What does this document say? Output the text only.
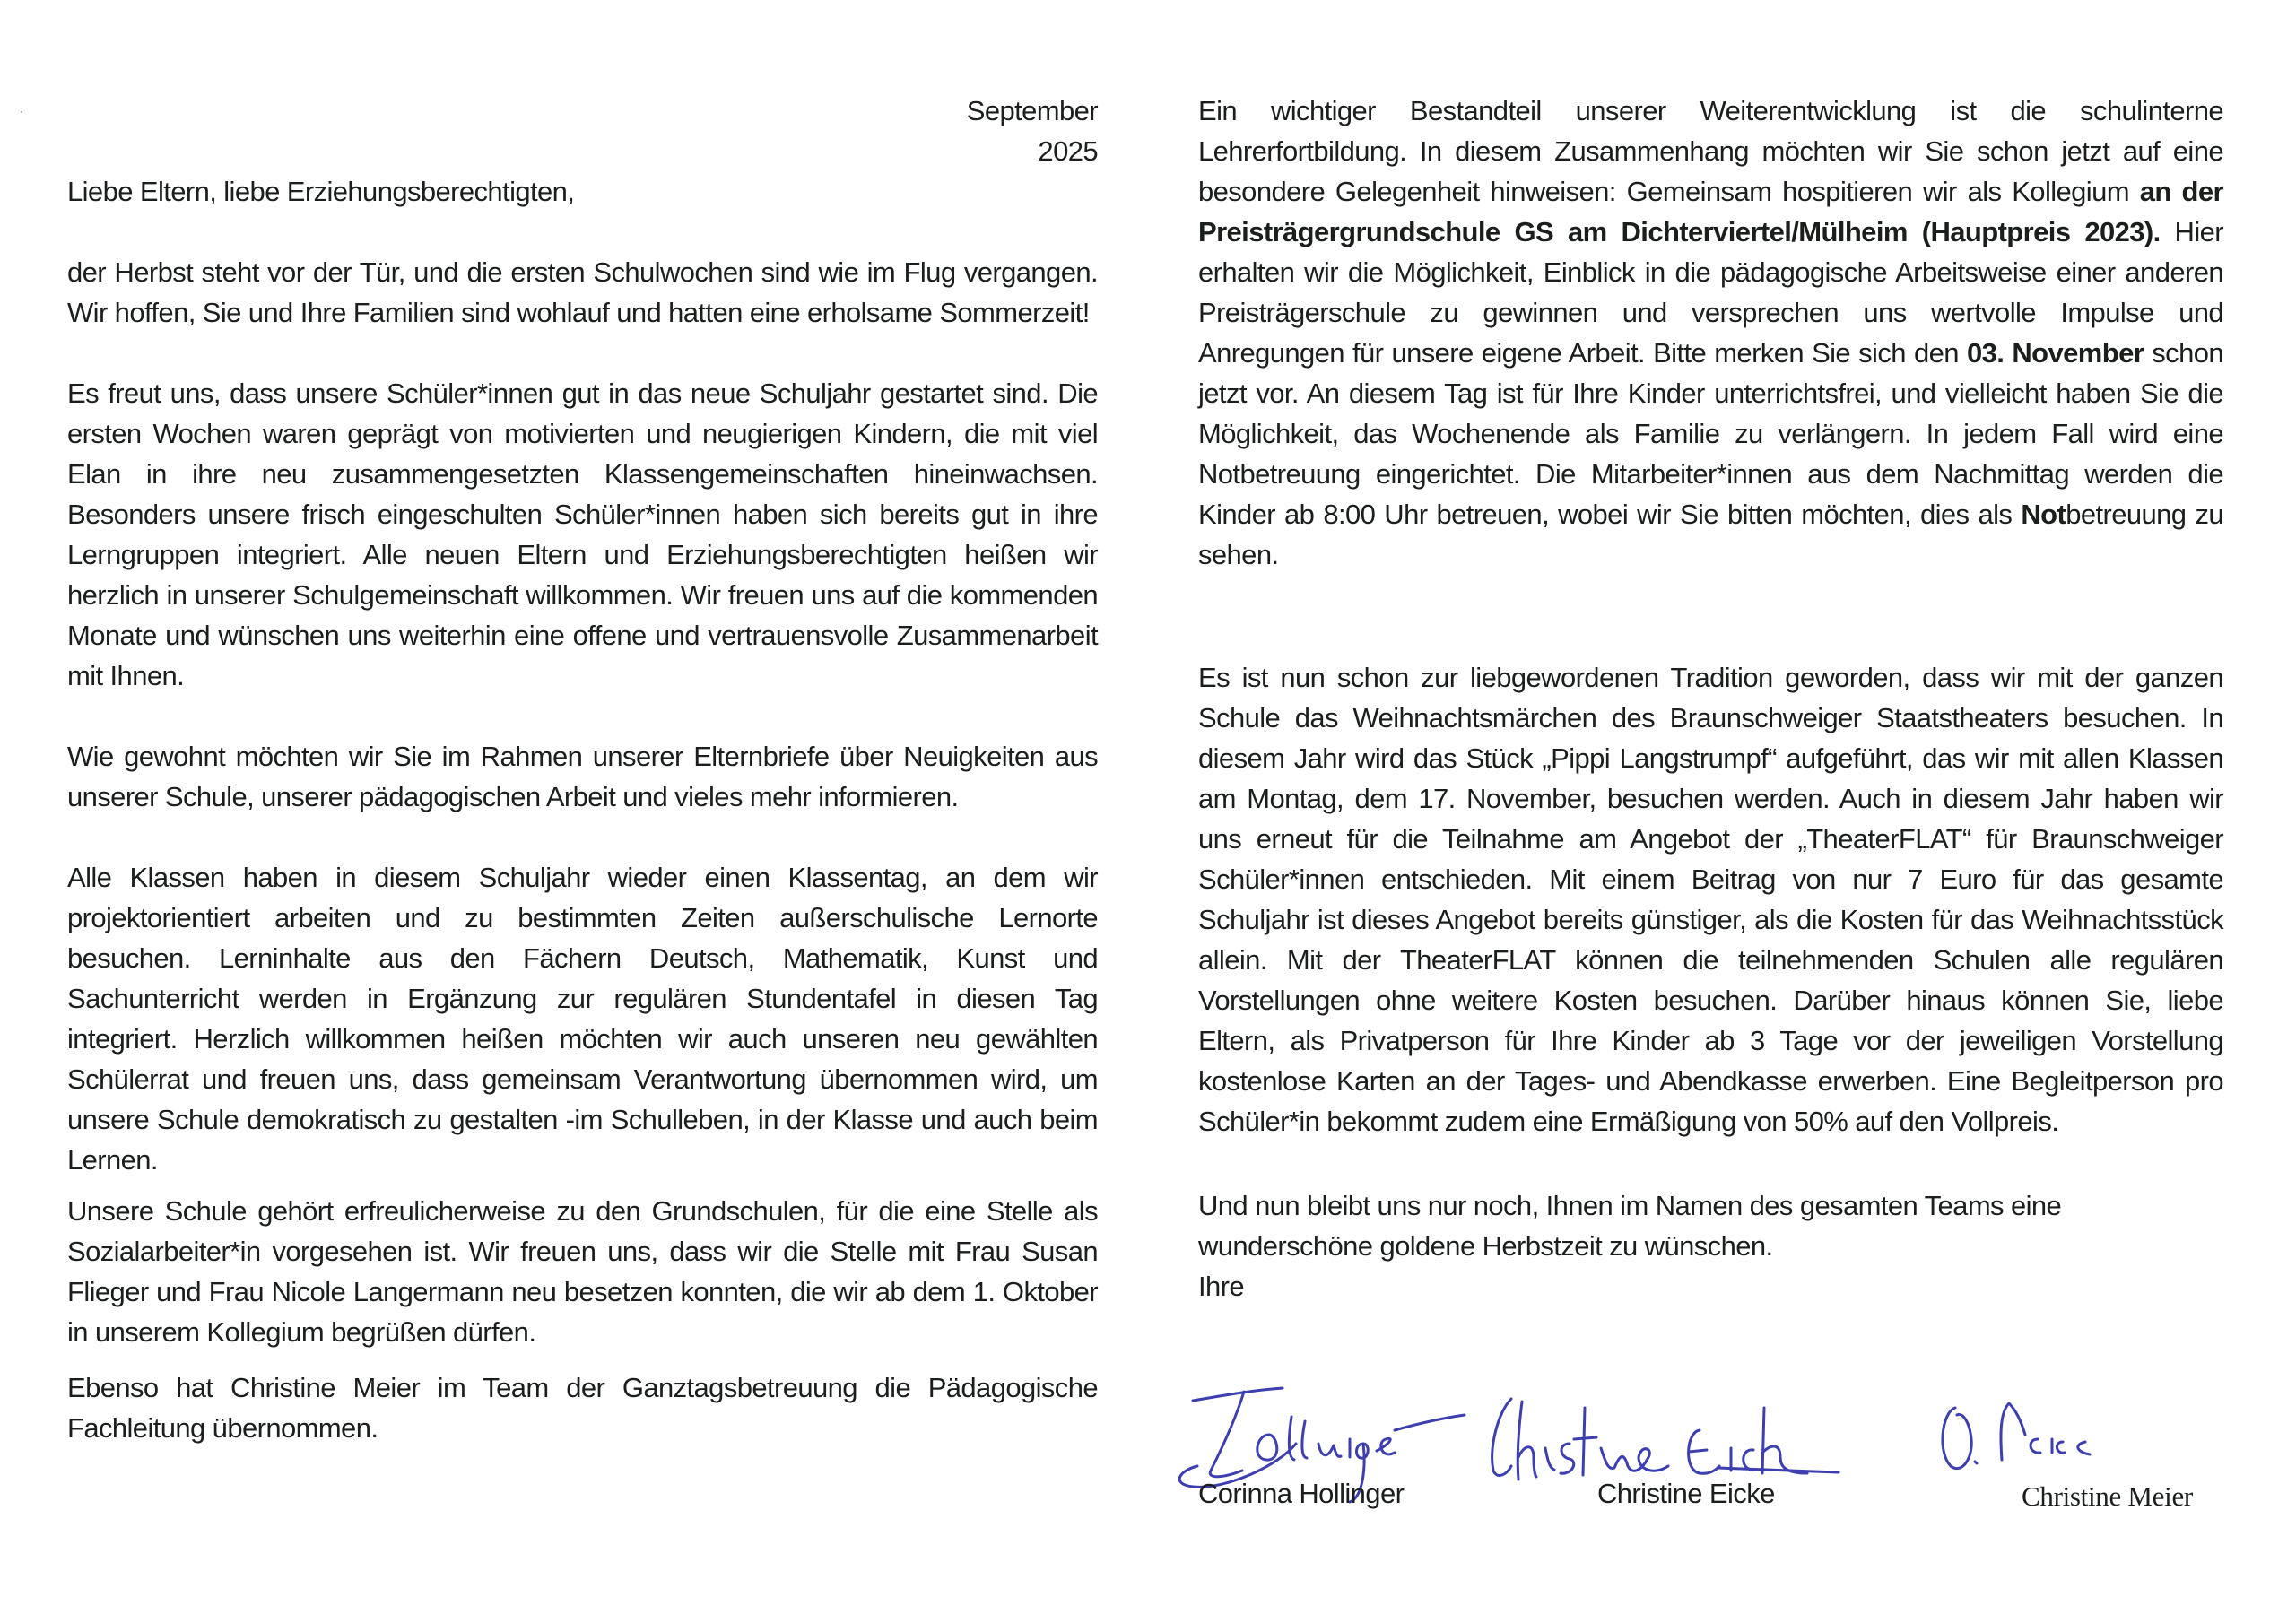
September
2025
Liebe Eltern, liebe Erziehungsberechtigten,

der Herbst steht vor der Tür, und die ersten Schulwochen sind wie im Flug vergangen. Wir hoffen, Sie und Ihre Familien sind wohlauf und hatten eine erholsame Sommerzeit!

Es freut uns, dass unsere Schüler*innen gut in das neue Schuljahr gestartet sind. Die ersten Wochen waren geprägt von motivierten und neugierigen Kindern, die mit viel Elan in ihre neu zusammengesetzten Klassengemeinschaften hineinwachsen. Besonders unsere frisch eingeschulten Schüler*innen haben sich bereits gut in ihre Lerngruppen integriert. Alle neuen Eltern und Erziehungsberechtigten heißen wir herzlich in unserer Schulgemeinschaft willkommen. Wir freuen uns auf die kommenden Monate und wünschen uns weiterhin eine offene und vertrauensvolle Zusammenarbeit mit Ihnen.

Wie gewohnt möchten wir Sie im Rahmen unserer Elternbriefe über Neuigkeiten aus unserer Schule, unserer pädagogischen Arbeit und vieles mehr informieren.

Alle Klassen haben in diesem Schuljahr wieder einen Klassentag, an dem wir projektorientiert arbeiten und zu bestimmten Zeiten außerschulische Lernorte besuchen. Lerninhalte aus den Fächern Deutsch, Mathematik, Kunst und Sachunterricht werden in Ergänzung zur regulären Stundentafel in diesen Tag integriert. Herzlich willkommen heißen möchten wir auch unseren neu gewählten Schülerrat und freuen uns, dass gemeinsam Verantwortung übernommen wird, um unsere Schule demokratisch zu gestalten -im Schulleben, in der Klasse und auch beim Lernen.

Unsere Schule gehört erfreulicherweise zu den Grundschulen, für die eine Stelle als Sozialarbeiter*in vorgesehen ist. Wir freuen uns, dass wir die Stelle mit Frau Susan Flieger und Frau Nicole Langermann neu besetzen konnten, die wir ab dem 1. Oktober in unserem Kollegium begrüßen dürfen.

Ebenso hat Christine Meier im Team der Ganztagsbetreuung die Pädagogische Fachleitung übernommen.

Ein wichtiger Bestandteil unserer Weiterentwicklung ist die schulinterne Lehrerfortbildung. In diesem Zusammenhang möchten wir Sie schon jetzt auf eine besondere Gelegenheit hinweisen: Gemeinsam hospitieren wir als Kollegium an der Preisträgergrundschule GS am Dichterviertel/Mülheim (Hauptpreis 2023). Hier erhalten wir die Möglichkeit, Einblick in die pädagogische Arbeitsweise einer anderen Preisträgerschule zu gewinnen und versprechen uns wertvolle Impulse und Anregungen für unsere eigene Arbeit. Bitte merken Sie sich den 03. November schon jetzt vor. An diesem Tag ist für Ihre Kinder unterrichtsfrei, und vielleicht haben Sie die Möglichkeit, das Wochenende als Familie zu verlängern. In jedem Fall wird eine Notbetreuung eingerichtet. Die Mitarbeiter*innen aus dem Nachmittag werden die Kinder ab 8:00 Uhr betreuen, wobei wir Sie bitten möchten, dies als Notbetreuung zu sehen.

Es ist nun schon zur liebgewordenen Tradition geworden, dass wir mit der ganzen Schule das Weihnachtsmärchen des Braunschweiger Staatstheaters besuchen. In diesem Jahr wird das Stück „Pippi Langstrumpf“ aufgeführt, das wir mit allen Klassen am Montag, dem 17. November, besuchen werden. Auch in diesem Jahr haben wir uns erneut für die Teilnahme am Angebot der „TheaterFLAT“ für Braunschweiger Schüler*innen entschieden. Mit einem Beitrag von nur 7 Euro für das gesamte Schuljahr ist dieses Angebot bereits günstiger, als die Kosten für das Weihnachtsstück allein. Mit der TheaterFLAT können die teilnehmenden Schulen alle regulären Vorstellungen ohne weitere Kosten besuchen. Darüber hinaus können Sie, liebe Eltern, als Privatperson für Ihre Kinder ab 3 Tage vor der jeweiligen Vorstellung kostenlose Karten an der Tages- und Abendkasse erwerben. Eine Begleitperson pro Schüler*in bekommt zudem eine Ermäßigung von 50% auf den Vollpreis.

Und nun bleibt uns nur noch, Ihnen im Namen des gesamten Teams eine
wunderschöne goldene Herbstzeit zu wünschen.
Ihre
Corinna Hollinger	Christine Eicke	Christine Meier
